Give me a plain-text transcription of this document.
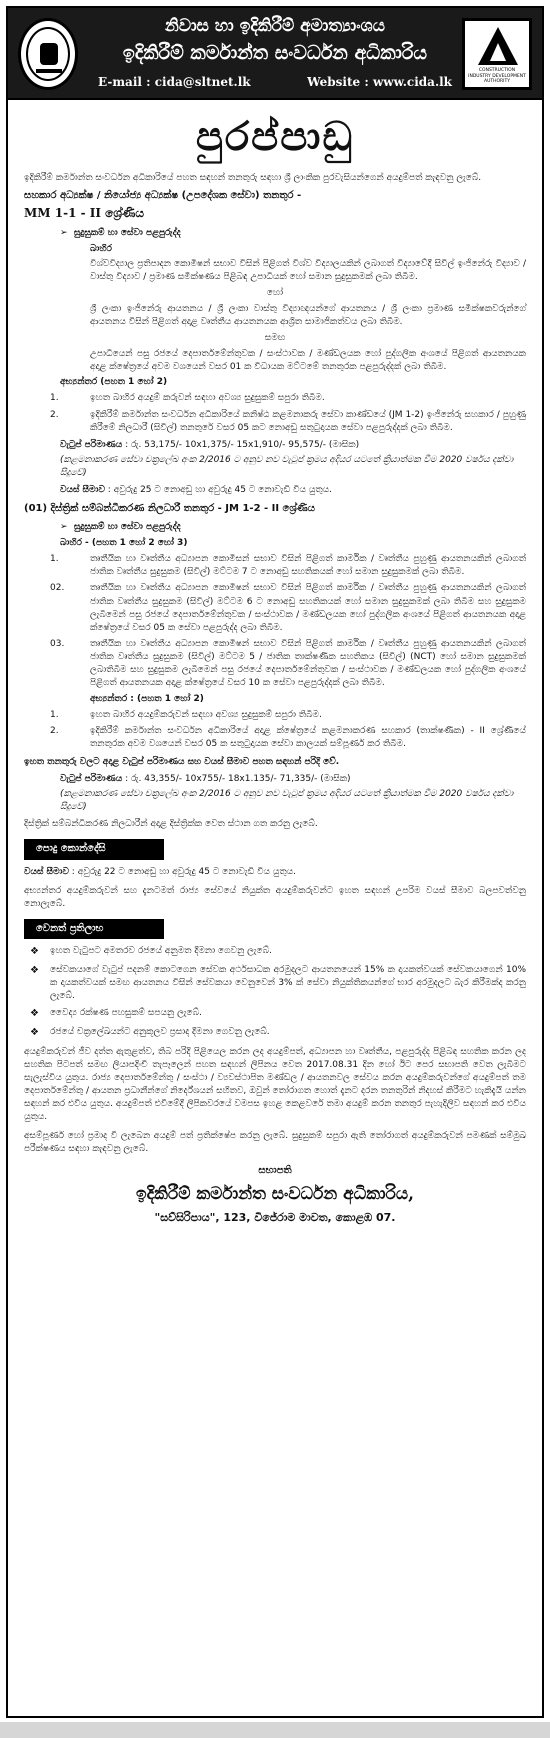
නිවාස හා ඉදිකිරීම් අමාත්‍යාංශය
ඉදිකිරීම් කර්මාන්ත සංවර්ධන අධිකාරිය
E-mail : cida@sltnet.lk	Website : www.cida.lk
CONSTRUCTION INDUSTRY DEVELOPMENT AUTHORITY
පුරප්පාඩු

ඉදිකිරීම් කර්මාන්ත සංවර්ධන අධිකාරියේ පහත සඳහන් තනතුරු සඳහා ශ්‍රී ලාංකික පුරවැසියන්ගෙන් අයදුම්පත් කැඳවනු ලැබේ.

සහකාර අධ්‍යක්ෂ / නියෝජ්‍ය අධ්‍යක්ෂ (උපදේශක සේවා) තනතුර -
MM 1-1 - II ශ්‍රේණිය
➢  සුදුසුකම් හා සේවා පළපුරුද්ද
බාහිර

විශ්වවිද්‍යාල ප්‍රතිපාදන කොමිෂන් සභාව විසින් පිළිගත් විශ්ව විද්‍යාලයකින් ලබාගත් විද්‍යාවේදී සිවිල් ඉංජිනේරු විද්‍යාව / වාස්තු විද්‍යාව / ප්‍රමාණ සමීක්ෂණය පිළිබඳ උපාධියක් හෝ සමාන සුදුසුකමක් ලබා තිබීම.

හෝ

ශ්‍රී ලංකා ඉංජිනේරු ආයතනය / ශ්‍රී ලංකා වාස්තු විද්‍යාඥයන්ගේ ආයතනය / ශ්‍රී ලංකා ප්‍රමාණ සමීක්ෂකවරුන්ගේ ආයතනය විසින් පිළිගත් අදාළ වෘත්තීය ආයතනයක ආශ්‍රිත සාමාජිකත්වය ලබා තිබීම.

සමඟ

උපාධියෙන් පසු රජයේ දෙපාර්තමේන්තුවක / සංස්ථාවක / මණ්ඩලයක හෝ පුද්ගලික අංශයේ පිළිගත් ආයතනයක අදාළ ක්ෂේත්‍රයේ අවම වශයෙන් වසර 01 ක විධායක මට්ටමේ තනතුරක පළපුරුද්දක් ලබා තිබීම.

අභ්‍යන්තර (පහත 1 හෝ 2)
1.	ඉහත බාහිර අයදුම් කරුවන් සඳහා අවශ්‍ය සුදුසුකම් සපුරා තිබීම.
2.	ඉදිකිරීම් කර්මාන්ත සංවර්ධන අධිකාරියේ කනිෂ්ඨ කළමනාකරු සේවා කාණ්ඩයේ (JM 1-2) ඉංජිනේරු සහකාර / පුහුණු කිරීමේ නිලධාරී (සිවිල්) තනතුරේ වසර 05 කට නොඅඩු සතුටුදායක සේවා පළපුරුද්දක් ලබා තිබීම.
වැටුප් පරිමාණය : රු. 53,175/- 10x1,375/- 15x1,910/- 95,575/- (මාසික)
(කළමනාකරණ සේවා චක්‍රලේඛ අංක 2/2016 ට අනුව නව වැටුප් ක්‍රමය අදියර යටතේ ක්‍රියාත්මක වීම 2020 වර්ෂය දක්වා සිදුවේ)
වයස් සීමාව : අවුරුදු 25 ට නොඅඩු හා අවුරුදු 45 ට නොවැඩි විය යුතුය.
(01) දිස්ත්‍රික් සම්බන්ධීකරණ නිලධාරී තනතුර - JM 1-2 - II ශ්‍රේණිය
➢  සුදුසුකම් හා සේවා පළපුරුද්ද
බාහිර - (පහත 1 හෝ 2 හෝ 3)
1.	තෘතීයික හා වෘත්තීය අධ්‍යාපන කොමිසන් සභාව විසින් පිළිගත් කාර්මික / වෘත්තීය පුහුණු ආයතනයකින් ලබාගත් ජාතික වෘත්තීය සුදුසුකම (සිවිල්) මට්ටම 7 ට නොඅඩු සහතිකයක් හෝ සමාන සුදුසුකමක් ලබා තිබීම.
02.	තෘතීයික හා වෘත්තීය අධ්‍යාපන කොමිෂන් සභාව විසින් පිළිගත් කාර්මික / වෘත්තීය පුහුණු ආයතනයකින් ලබාගත් ජාතික වෘත්තීය සුදුසුකම (සිවිල්) මට්ටම 6 ට නොඅඩු සහතිකයක් හෝ සමාන සුදුසුකමක් ලබා තිබීම සහ සුදුසුකම ලැබීමෙන් පසු රජයේ දෙපාර්තමේන්තුවක / සංස්ථාවක / මණ්ඩලයක හෝ පුද්ගලික අංශයේ පිළිගත් ආයතනයක අදාළ ක්ෂේත්‍රයේ වසර 05 ක සේවා පළපුරුද්ද ලබා තිබීම.
03.	තෘතීයික හා වෘත්තීය අධ්‍යාපන කොමිෂන් සභාව විසින් පිළිගත් කාර්මික / වෘත්තීය පුහුණු ආයතනයකින් ලබාගත් ජාතික වෘත්තීය සුදුසුකම (සිවිල්) මට්ටම 5 / ජාතික තාක්ෂණික සහතිකය (සිවිල්) (NCT) හෝ සමාන සුදුසුකමක් ලබාතිබීම සහ සුදුසුකම ලැබීමෙන් පසු රජයේ දෙපාර්තමේන්තුවක / සංස්ථාවක / මණ්ඩලයක හෝ පුද්ගලික අංශයේ පිළිගත් ආයතනයක අදාළ ක්ෂේත්‍රයේ වසර 10 ක සේවා පළපුරුද්දක් ලබා තිබීම.
අභ්‍යන්තර : (පහත 1 හෝ 2)
1.	ඉහත බාහිර අයදුම්කරුවන් සඳහා අවශ්‍ය සුදුසුකම් සපුරා තිබීම.
2.	ඉදිකිරීම් කර්මාන්ත සංවර්ධන අධිකාරියේ අදාළ ක්ෂේත්‍රයේ කළමනාකරණ සහකාර (තාක්ෂණික) - II ශ්‍රේණියේ තනතුරක අවම වශයෙන් වසර 05 ක සතුටුදායක සේවා කාලයක් සම්පූර්ණ කර තිබීම.

ඉහත තනතුරු වලට අදාළ වැටුප් පරිමාණය සහ වයස් සීමාව පහත සඳහන් පරිදි වේ.

වැටුප් පරිමාණය : රු. 43,355/- 10x755/- 18x1.135/- 71,335/- (මාසික)
(කළමනාකරණ සේවා චක්‍රලේඛ අංක 2/2016 ට අනුව නව වැටුප් ක්‍රමය අදියර යටතේ ක්‍රියාත්මක වීම 2020 වර්ෂය දක්වා සිදුවේ)

දිස්ත්‍රික් සම්බන්ධීකරණ නිලධාරීන් අදාළ දිස්ත්‍රික්ක වෙත ස්ථාන ගත කරනු ලැබේ.

පොදු කොන්දේසි

වයස් සීමාව : අවුරුදු 22 ට නොඅඩු හා අවුරුදු 45 ට නොවැඩි විය යුතුය.

අභ්‍යන්තර අයදුම්කරුවන් සහ දැනටමත් රාජ්‍ය සේවයේ නියුක්ත අයදුම්කරුවන්ට ඉහත සඳහන් උපරිම වයස් සීමාව බලපවත්වනු නොලැබේ.

වෙනත් ප්‍රතිලාභ
❖	ඉහත වැටුපට අමතරව රජයේ අනුමත දීමනා ගෙවනු ලැබේ.
❖	සේවකයාගේ වැටුප් පදනම් කොටගෙන සේවක අර්ථසාධක අරමුදලට ආයතනයෙන් 15% ක දායකත්වයක් සේවකයාගෙන් 10% ක දායකත්වයක් සමඟ ආයතනය විසින් සේවකයා වෙනුවෙන් 3% ක් සේවා නියුක්තිකයන්ගේ භාර අරමුදලට බැර කිරීමක්ද කරනු ලැබේ.
❖	වෛද්‍ය රක්ෂණ පහසුකම් සපයනු ලැබේ.
❖	රජයේ චක්‍රලේඛයන්ට අනුකූලව ප්‍රසාද දීමනා ගෙවනු ලැබේ.

අයදුම්කරුවන් ජීව දත්ත ඇතුළත්ව, තිබ පරිදි පිළියෙල කරන ලද අයදුම්පත්, අධ්‍යාපන හා වෘත්තීය, පළපුරුද්ද පිළිබඳ සහතික කරන ලද සහතික පිටපත් සමඟ ලියාපදිංචි තැපෑලෙන් පහත සඳහන් ලිපිනය වෙත 2017.08.31 දින හෝ ඊට පෙර සභාපති වෙත ලැබිමට සැලැස්විය යුතුය. රාජ්‍ය දෙපාර්තමේන්තු / සංස්ථා / ව්‍යවස්ථාපිත මණ්ඩල / ආයතනවල සේවය කරන අයදුම්කරුවන්ගේ අයදුම්පත් තම දෙපාර්තමේන්තු / ආයතන ප්‍රධානීන්ගේ නිර්දේශයන් සහිතව, ඔවුන් තෝරාගත හොත් දැනට දරන තනතුරින් නිදහස් කිරීමට හැකිදැයි යන්න සඳහන් කර එවිය යුතුය. අයදුම්පත් එවීමේදී ලිපිකවරයේ වමපස ඉහළ කෙළවරේ තමා අයදුම් කරන තනතුර පැහැදිලිව සඳහන් කර එවිය යුතුය.

අසම්පූර්ණ හෝ ප්‍රමාද වී ලැබෙන අයදුම් පත් ප්‍රතික්ෂේප කරනු ලැබේ. සුදුසුකම් සපුරා ඇති තෝරාගත් අයදුම්කරුවන් පමණක් සම්මුඛ පරීක්ෂණය සඳහා කැඳවනු ලැබේ.

සභාපති
ඉදිකිරීම් කර්මාන්ත සංවර්ධන අධිකාරිය,
"සව්සිරිපාය", 123, විජේරාම මාවත, කොළඹ 07.
